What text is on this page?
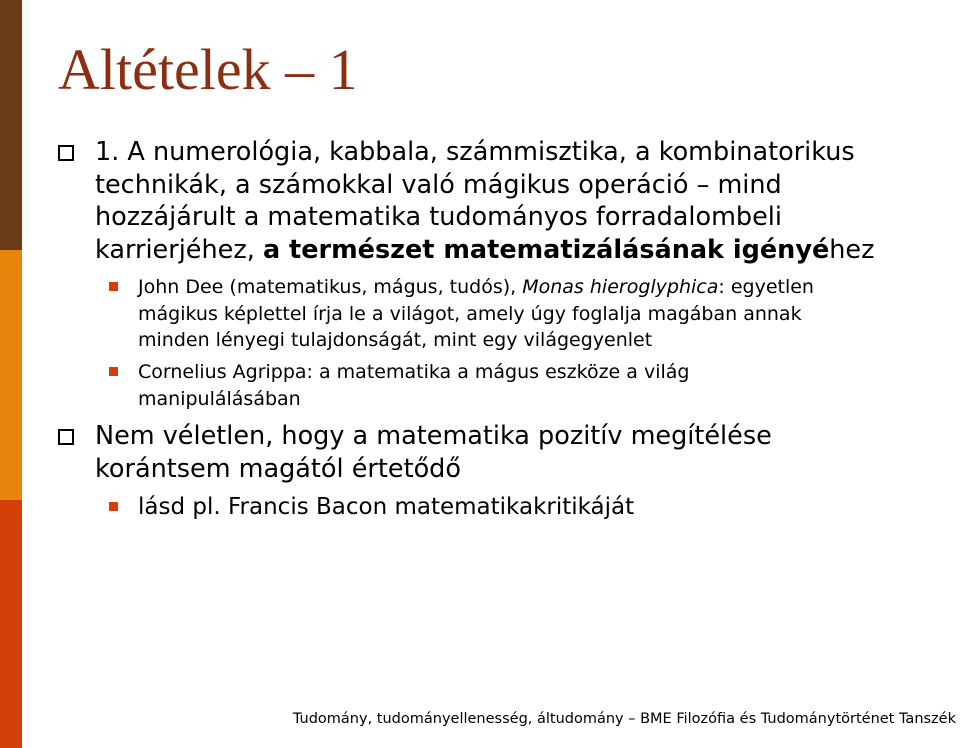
Altételek – 1
1. A numerológia, kabbala, számmisztika, a kombinatorikus
technikák, a számokkal való mágikus operáció – mind
hozzájárult a matematika tudományos forradalombeli
karrierjéhez, a természet matematizálásának igényéhez
John Dee (matematikus, mágus, tudós), Monas hieroglyphica: egyetlen
mágikus képlettel írja le a világot, amely úgy foglalja magában annak
minden lényegi tulajdonságát, mint egy világegyenlet
Cornelius Agrippa: a matematika a mágus eszköze a világ
manipulálásában
Nem véletlen, hogy a matematika pozitív megítélése
korántsem magától értetődő
lásd pl. Francis Bacon matematikakritikáját
Tudomány, tudományellenesség, áltudomány – BME Filozófia és Tudománytörténet Tanszék
